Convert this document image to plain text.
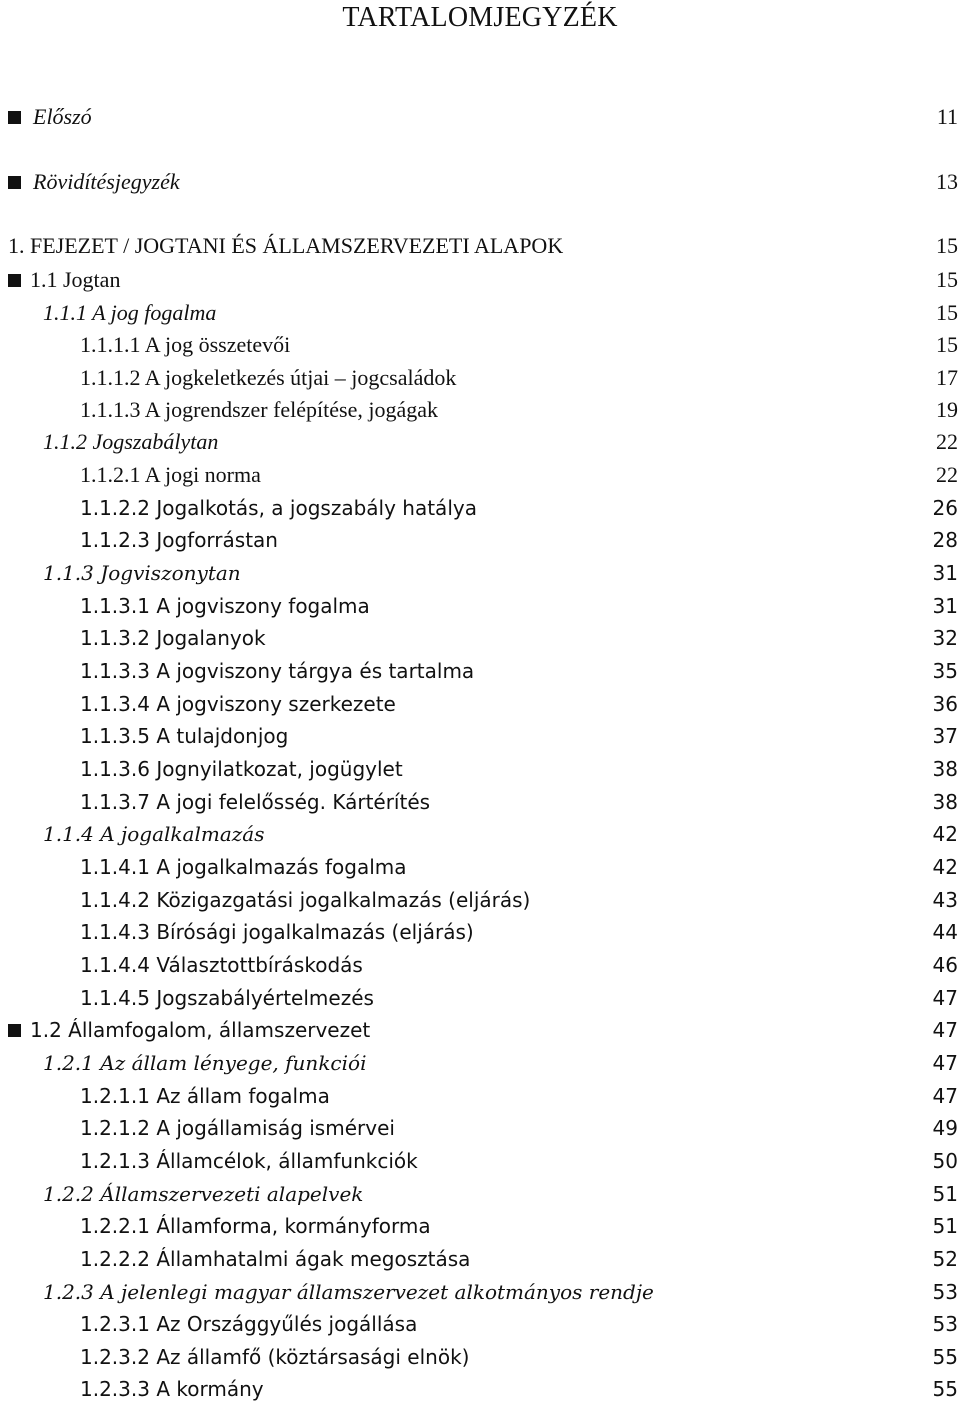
TARTALOMJEGYZÉK
Előszó	11
Rövidítésjegyzék	13
1. FEJEZET / JOGTANI ÉS ÁLLAMSZERVEZETI ALAPOK	15
1.1 Jogtan	15
1.1.1 A jog fogalma	15
1.1.1.1 A jog összetevői	15
1.1.1.2 A jogkeletkezés útjai – jogcsaládok	17
1.1.1.3 A jogrendszer felépítése, jogágak	19
1.1.2 Jogszabálytan	22
1.1.2.1 A jogi norma	22
1.1.2.2 Jogalkotás, a jogszabály hatálya	26
1.1.2.3 Jogforrástan	28
1.1.3 Jogviszonytan	31
1.1.3.1 A jogviszony fogalma	31
1.1.3.2 Jogalanyok	32
1.1.3.3 A jogviszony tárgya és tartalma	35
1.1.3.4 A jogviszony szerkezete	36
1.1.3.5 A tulajdonjog	37
1.1.3.6 Jognyilatkozat, jogügylet	38
1.1.3.7 A jogi felelősség. Kártérítés	38
1.1.4 A jogalkalmazás	42
1.1.4.1 A jogalkalmazás fogalma	42
1.1.4.2 Közigazgatási jogalkalmazás (eljárás)	43
1.1.4.3 Bírósági jogalkalmazás (eljárás)	44
1.1.4.4 Választottbíráskodás	46
1.1.4.5 Jogszabályértelmezés	47
1.2 Államfogalom, államszervezet	47
1.2.1 Az állam lényege, funkciói	47
1.2.1.1 Az állam fogalma	47
1.2.1.2 A jogállamiság ismérvei	49
1.2.1.3 Államcélok, államfunkciók	50
1.2.2 Államszervezeti alapelvek	51
1.2.2.1 Államforma, kormányforma	51
1.2.2.2 Államhatalmi ágak megosztása	52
1.2.3 A jelenlegi magyar államszervezet alkotmányos rendje	53
1.2.3.1 Az Országgyűlés jogállása	53
1.2.3.2 Az államfő (köztársasági elnök)	55
1.2.3.3 A kormány	55
